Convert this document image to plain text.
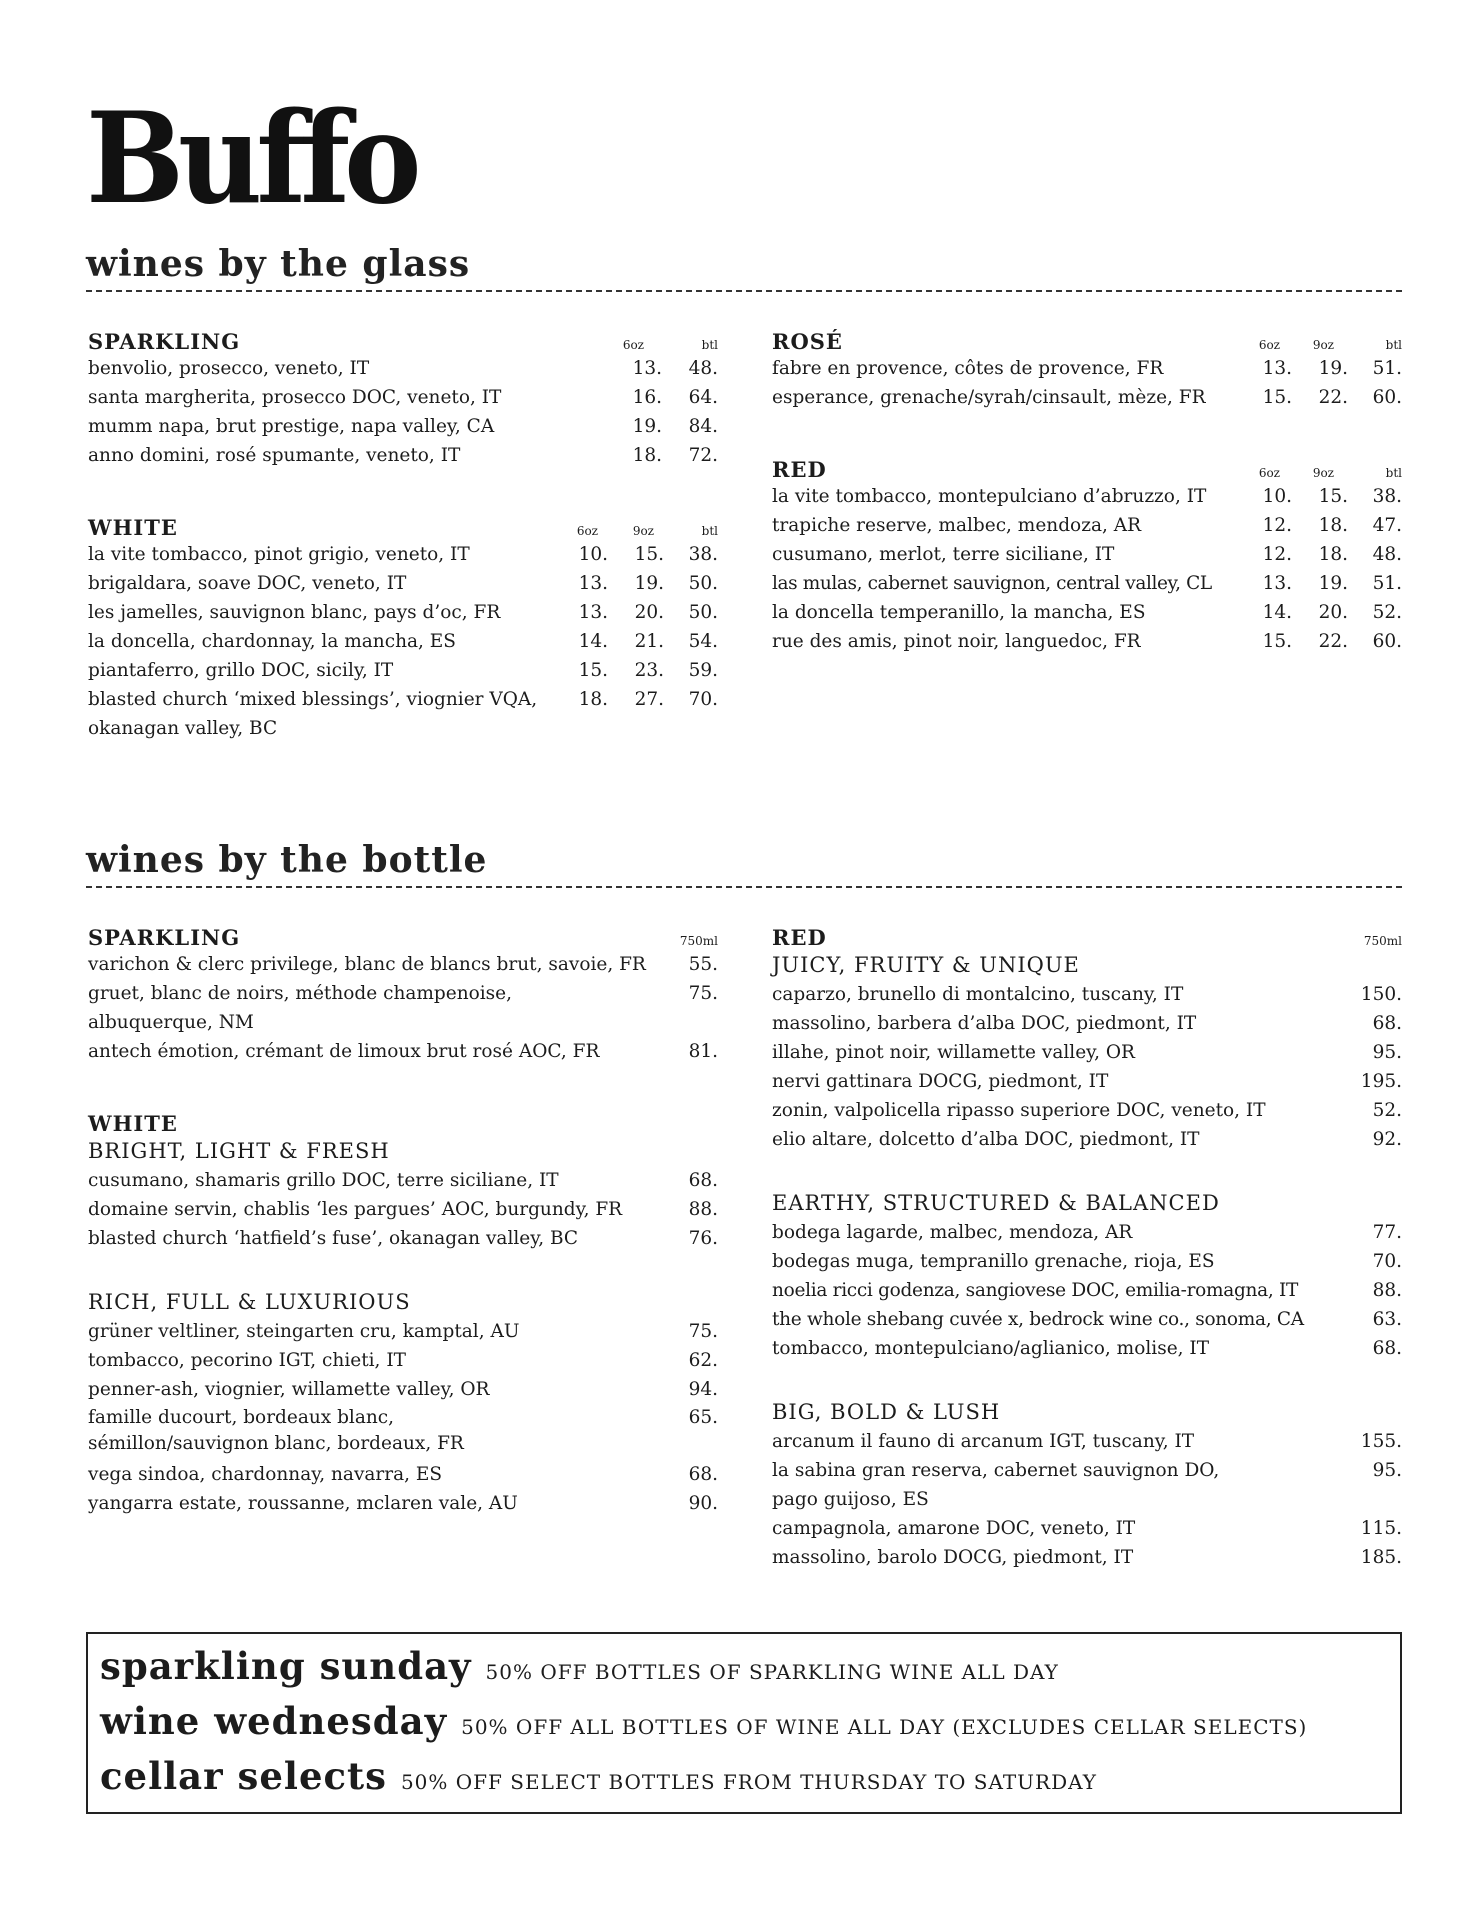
Buffo
wines by the glass
SPARKLING	6oz	btl
benvolio, prosecco, veneto, IT	13.	48.
santa margherita, prosecco DOC, veneto, IT	16.	64.
mumm napa, brut prestige, napa valley, CA	19.	84.
anno domini, rosé spumante, veneto, IT	18.	72.
WHITE	6oz	9oz	btl
la vite tombacco, pinot grigio, veneto, IT	10.	15.	38.
brigaldara, soave DOC, veneto, IT	13.	19.	50.
les jamelles, sauvignon blanc, pays d’oc, FR	13.	20.	50.
la doncella, chardonnay, la mancha, ES	14.	21.	54.
piantaferro, grillo DOC, sicily, IT	15.	23.	59.
blasted church ‘mixed blessings’, viognier VQA, okanagan valley, BC
18.	27.	70.
ROSÉ	6oz	9oz	btl
fabre en provence, côtes de provence, FR	13.	19.	51.
esperance, grenache/syrah/cinsault, mèze, FR	15.	22.	60.
RED	6oz	9oz	btl
la vite tombacco, montepulciano d’abruzzo, IT	10.	15.	38.
trapiche reserve, malbec, mendoza, AR	12.	18.	47.
cusumano, merlot, terre siciliane, IT	12.	18.	48.
las mulas, cabernet sauvignon, central valley, CL	13.	19.	51.
la doncella temperanillo, la mancha, ES	14.	20.	52.
rue des amis, pinot noir, languedoc, FR	15.	22.	60.
wines by the bottle
SPARKLING	750ml
varichon & clerc privilege, blanc de blancs brut, savoie, FR	55.
gruet, blanc de noirs, méthode champenoise, albuquerque, NM
75.
antech émotion, crémant de limoux brut rosé AOC, FR	81.
WHITE
BRIGHT, LIGHT & FRESH
cusumano, shamaris grillo DOC, terre siciliane, IT	68.
domaine servin, chablis ‘les pargues’ AOC, burgundy, FR	88.
blasted church ‘hatfield’s fuse’, okanagan valley, BC	76.
RICH, FULL & LUXURIOUS
grüner veltliner, steingarten cru, kamptal, AU	75.
tombacco, pecorino IGT, chieti, IT	62.
penner-ash, viognier, willamette valley, OR	94.
famille ducourt, bordeaux blanc, sémillon/sauvignon blanc, bordeaux, FR
65.
vega sindoa, chardonnay, navarra, ES	68.
yangarra estate, roussanne, mclaren vale, AU	90.
RED	750ml
JUICY, FRUITY & UNIQUE
caparzo, brunello di montalcino, tuscany, IT	150.
massolino, barbera d’alba DOC, piedmont, IT	68.
illahe, pinot noir, willamette valley, OR	95.
nervi gattinara DOCG, piedmont, IT	195.
zonin, valpolicella ripasso superiore DOC, veneto, IT	52.
elio altare, dolcetto d’alba DOC, piedmont, IT	92.
EARTHY, STRUCTURED & BALANCED
bodega lagarde, malbec, mendoza, AR	77.
bodegas muga, tempranillo grenache, rioja, ES	70.
noelia ricci godenza, sangiovese DOC, emilia-romagna, IT	88.
the whole shebang cuvée x, bedrock wine co., sonoma, CA	63.
tombacco, montepulciano/aglianico, molise, IT	68.
BIG, BOLD & LUSH
arcanum il fauno di arcanum IGT, tuscany, IT	155.
la sabina gran reserva, cabernet sauvignon DO, pago guijoso, ES
95.
campagnola, amarone DOC, veneto, IT	115.
massolino, barolo DOCG, piedmont, IT	185.
sparkling sunday 50% OFF BOTTLES OF SPARKLING WINE ALL DAY
wine wednesday 50% OFF ALL BOTTLES OF WINE ALL DAY (EXCLUDES CELLAR SELECTS)
cellar selects 50% OFF SELECT BOTTLES FROM THURSDAY TO SATURDAY
